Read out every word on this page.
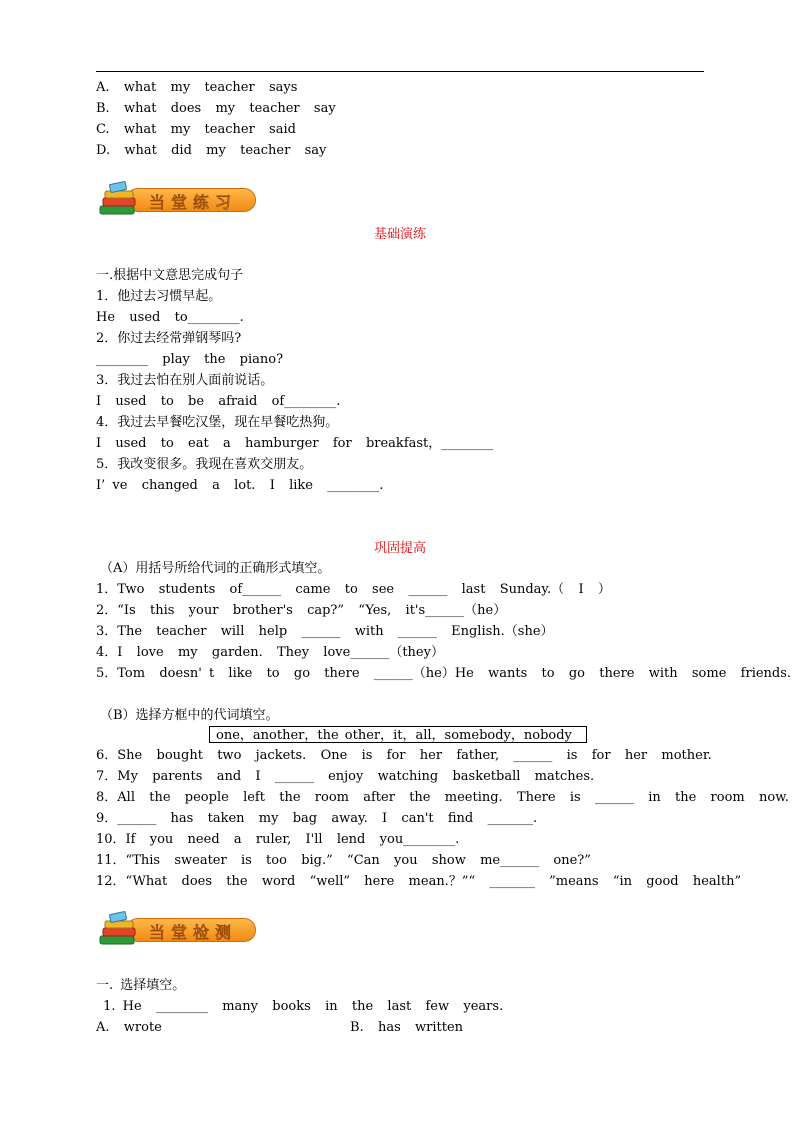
A.  what  my  teacher  says
B.  what  does  my  teacher  say
C.  what  my  teacher  said
D.  what  did  my  teacher  say
当堂练习
基础演练
一.根据中文意思完成句子
1．他过去习惯早起。
He  used  to________.
2．你过去经常弹钢琴吗?
________  play  the  piano?
3．我过去怕在别人面前说话。
I  used  to  be  afraid  of________.
4．我过去早餐吃汉堡，现在早餐吃热狗。
I  used  to  eat  a  hamburger  for  breakfast，________
5．我改变很多。我现在喜欢交朋友。
I’ ve  changed  a  lot.  I  like  ________.
巩固提高
（A）用括号所给代词的正确形式填空。
1．Two  students  of______  came  to  see  ______  last  Sunday.（  Ⅰ  ）
2．“Is  this  your  brother's  cap?”  “Yes,  it's______（he）
3．The  teacher  will  help  ______  with  ______  English.（she）
4．I  love  my  garden.  They  love______（they）
5．Tom  doesn' t  like  to  go  there  ______（he）He  wants  to  go  there  with  some  friends.
（B）选择方框中的代词填空。
one，another，the other，it，all，somebody，nobody
6．She  bought  two  jackets.  One  is  for  her  father,  ______  is  for  her  mother.
7．My  parents  and  I  ______  enjoy  watching  basketball  matches.
8．All  the  people  left  the  room  after  the  meeting.  There  is  ______  in  the  room  now.
9．______  has  taken  my  bag  away.  I  can't  find  _______.
10．If  you  need  a  ruler,  I'll  lend  you________.
11．“This  sweater  is  too  big.”  “Can  you  show  me______  one?”
12．“What  does  the  word  “well”  here  mean.？”“  _______  ”means  “in  good  health”
当堂检测
一. 选择填空。
1. He  ________  many  books  in  the  last  few  years.
A.  wrote	B.  has  written
